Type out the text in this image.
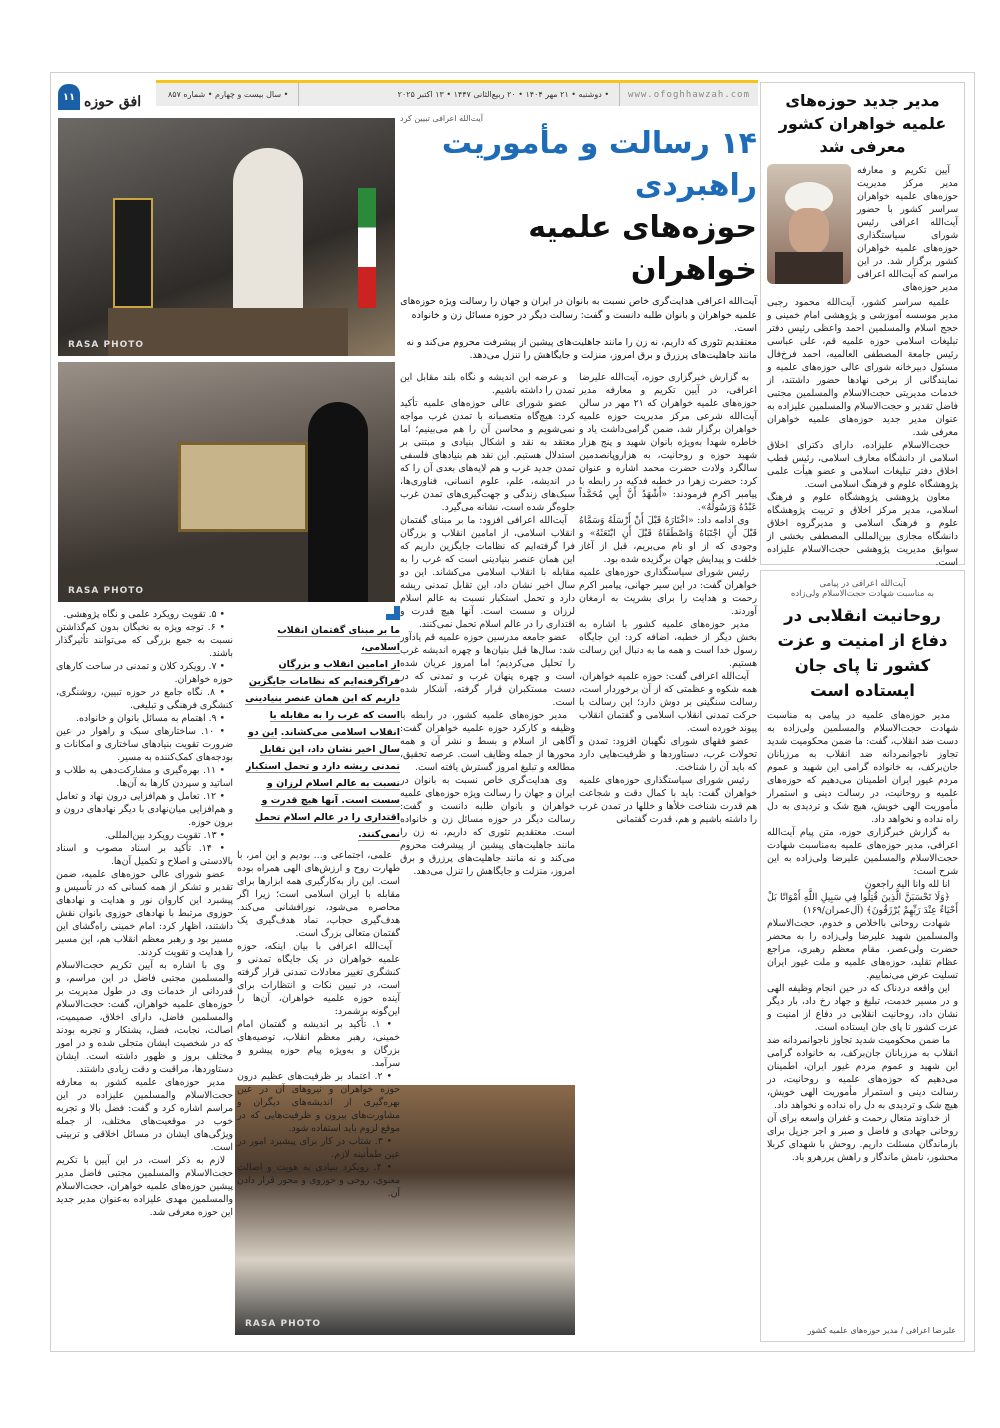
www.ofoghhawzah.com
• دوشنبه • ۲۱ مهر ۱۴۰۴ • ۲۰ ربیع‌الثانی ۱۴۴۷ • ۱۳ اکتبر ۲۰۲۵
• سال بیست و چهارم • شماره ۸۵۷
۱۱ افق حوزه
RASA PHOTO
RASA PHOTO
RASA PHOTO
آیت‌الله اعرافی تبیین کرد
۱۴ رسالت و مأموریت راهبردی
حوزه‌های علمیه خواهران

آیت‌الله اعرافی هدایت‌گری خاص نسبت به بانوان در ایران و جهان را رسالت ویژه حوزه‌های علمیه خواهران و بانوان طلبه دانست و گفت: رسالت دیگر در حوزه مسائل زن و خانواده است.

معتقدیم تئوری که داریم، نه زن را مانند جاهلیت‌های پیشین از پیشرفت محروم می‌کند و نه مانند جاهلیت‌های پرزرق و برق امروز، منزلت و جایگاهش را تنزل می‌دهد.

به گزارش خبرگزاری حوزه، آیت‌الله علیرضا اعرافی، در آیین تکریم و معارفه مدیر حوزه‌های علمیه خواهران که ۲۱ مهر در سالن آیت‌الله شرعی مرکز مدیریت حوزه علمیه خواهران برگزار شد، ضمن گرامی‌داشت یاد و خاطره شهدا به‌ویژه بانوان شهید و پنج هزار شهید حوزه و روحانیت، به هزاروپانصدمین سالگرد ولادت حضرت محمد اشاره و عنوان کرد: حضرت زهرا در خطبه فدکیه در رابطه با پیامبر اکرم فرمودند: «أَشْهَدُ أَنَّ أَبِي مُحَمَّداً عَبْدُهُ وَرَسُولُهُ».

وی ادامه داد: «اخْتَارَهُ قَبْلَ أَنْ أَرْسَلَهُ وَسَمَّاهُ قَبْلَ أَنِ اجْتَبَاهُ وَاصْطَفَاهُ قَبْلَ أَنِ ابْتَعَثَهُ» و وجودی که از او نام می‌بریم، قبل از آغاز خلقت و پیدایش جهان برگزیده شده بود.

رئیس شورای سیاستگذاری حوزه‌های علمیه خواهران گفت: در این سیر جهانی، پیامبر اکرم رحمت و هدایت را برای بشریت به ارمغان آوردند.

مدیر حوزه‌های علمیه کشور با اشاره به بخش دیگر از خطبه، اضافه کرد: این جایگاه رسول خدا است و همه ما به دنبال این رسالت هستیم.

آیت‌الله اعرافی گفت: حوزه علمیه خواهران، همه شکوه و عظمتی که از آن برخوردار است، رسالت سنگینی بر دوش دارد؛ این رسالت با حرکت تمدنی انقلاب اسلامی و گفتمان انقلاب پیوند خورده است.

عضو فقهای شورای نگهبان افزود: تمدن و تحولات غرب، دستاوردها و ظرفیت‌هایی دارد که باید آن را شناخت.

رئیس شورای سیاستگذاری حوزه‌های علمیه خواهران گفت: باید با کمال دقت و شجاعت هم قدرت شناخت خلأها و خللها در تمدن غرب را داشته باشیم و هم، قدرت گفتمانی

و عرضه این اندیشه و نگاه بلند مقابل این تمدن را داشته باشیم.

عضو شورای عالی حوزه‌های علمیه تأکید کرد: هیچ‌گاه متعصبانه با تمدن غرب مواجه نمی‌شویم و محاسن آن را هم می‌بینیم؛ اما معتقد به نقد و اشکال بنیادی و مبتنی بر استدلال هستیم. این نقد هم بنیادهای فلسفی تمدن جدید غرب و هم لایه‌های بعدی آن را که در اندیشه، علم، علوم انسانی، فناوری‌ها، سبک‌های زندگی و جهت‌گیری‌های تمدن غرب جلوه‌گر شده است، نشانه می‌گیرد.

آیت‌الله اعرافی افزود: ما بر مبنای گفتمان انقلاب اسلامی، از امامین انقلاب و بزرگان فرا گرفته‌ایم که نظامات جایگزین داریم که این همان عنصر بنیادینی است که غرب را به مقابله با انقلاب اسلامی می‌کشاند. این دو سال اخیر نشان داد، این تقابل تمدنی ریشه دارد و تحمل استکبار نسبت به عالم اسلام لرزان و سست است. آنها هیچ قدرت و اقتداری را در عالم اسلام تحمل نمی‌کنند.

عضو جامعه مدرسین حوزه علمیه قم یادآور شد: سال‌ها قبل بنیان‌ها و چهره اندیشه غرب را تحلیل می‌کردیم؛ اما امروز عریان شده است و چهره پنهان غرب و تمدنی که در دست مستکبران قرار گرفته، آشکار شده است.

مدیر حوزه‌های علمیه کشور، در رابطه با وظیفه و کارکرد حوزه علمیه خواهران گفت: آگاهی از اسلام و بسط و نشر آن و همه محورها از جمله وظایف است. عرصه تحقیق، مطالعه و تبلیغ امروز گسترش یافته است.

وی هدایت‌گری خاص نسبت به بانوان در ایران و جهان را رسالت ویژه حوزه‌های علمیه خواهران و بانوان طلبه دانست و گفت: رسالت دیگر در حوزه مسائل زن و خانواده است. معتقدیم تئوری که داریم، نه زن را مانند جاهلیت‌های پیشین از پیشرفت محروم می‌کند و نه مانند جاهلیت‌های پرزرق و برق امروز، منزلت و جایگاهش را تنزل می‌دهد.

ما بر مبنای گفتمان انقلاب اسلامی،
از امامین انقلاب و بزرگان فراگرفته‌ایم که نظامات جایگزین داریم که این همان عنصر بنیادینی است که غرب را به مقابله با انقلاب اسلامی می‌کشاند. این دو سال اخیر نشان داد، این تقابل تمدنی ریشه دارد و تحمل استکبار نسبت به عالم اسلام لرزان و سست است. آنها هیچ قدرت و اقتداری را در عالم اسلام تحمل نمی‌کنند.

علمی، اجتماعی و... بودیم و این امر، با طهارت روح و ارزش‌های الهی همراه بوده است. این راز به‌کارگیری همه ابزارها برای مقابله با ایران اسلامی است؛ زیرا اگر محاصره می‌شود، نورافشانی می‌کند. هدف‌گیری حجاب، نماد هدف‌گیری یک گفتمان متعالی بزرگ است.

آیت‌الله اعرافی با بیان اینکه، حوزه علمیه خواهران در یک جایگاه تمدنی و کنشگری تغییر معادلات تمدنی قرار گرفته است، در تبیین نکات و انتظارات برای آینده حوزه علمیه خواهران، آن‌ها را این‌گونه برشمرد:

• ۱. تأکید بر اندیشه و گفتمان امام خمینی، رهبر معظم انقلاب، توصیه‌های بزرگان و به‌ویژه پیام حوزه پیشرو و سرآمد.

• ۲. اعتماد بر ظرفیت‌های عظیم درون حوزه خواهران و نیروهای آن در عین بهره‌گیری از اندیشه‌های دیگران و مشاورت‌های بیرون و ظرفیت‌هایی که در موقع لزوم باید استفاده شود.

• ۳. شتاب در کار برای پیشبرد امور در عین طمأنینه لازم.

• ۴. رویکرد بنیادی به هویت و اصالت معنوی، روحی و حوزوی و محور قرار دادن آن.

• ۵. تقویت رویکرد علمی و نگاه پژوهشی.

• ۶. توجه ویژه به نخبگان بدون کم‌گذاشتن نسبت به جمع بزرگی که می‌توانند تأثیرگذار باشند.

• ۷. رویکرد کلان و تمدنی در ساحت کارهای حوزه خواهران.

• ۸. نگاه جامع در حوزه تبیین، روشنگری، کنشگری فرهنگی و تبلیغی.

• ۹. اهتمام به مسائل بانوان و خانواده.

• ۱۰. ساختارهای سبک و راهوار در عین ضرورت تقویت بنیادهای ساختاری و امکانات و بودجه‌های کمک‌کننده به مسیر.

• ۱۱. بهره‌گیری و مشارکت‌دهی به طلاب و اساتید و سپردن کارها به آن‌ها.

• ۱۲. تعامل و هم‌افزایی درون نهاد و تعامل و هم‌افزایی میان‌نهادی با دیگر نهادهای درون و برون حوزه.

• ۱۳. تقویت رویکرد بین‌المللی.

• ۱۴. تأکید بر اسناد مصوب و اسناد بالادستی و اصلاح و تکمیل آن‌ها.

عضو شورای عالی حوزه‌های علمیه، ضمن تقدیر و تشکر از همه کسانی که در تأسیس و پیشبرد این کاروان نور و هدایت و نهادهای حوزوی مرتبط با نهادهای حوزوی بانوان نقش داشتند، اظهار کرد: امام خمینی راه‌گشای این مسیر بود و رهبر معظم انقلاب هم، این مسیر را هدایت و تقویت کردند.

وی با اشاره به آیین تکریم حجت‌الاسلام والمسلمین مجتبی فاضل در این مراسم، و قدردانی از خدمات وی در طول مدیریت بر حوزه‌های علمیه خواهران، گفت: حجت‌الاسلام والمسلمین فاضل، دارای اخلاق، صمیمیت، اصالت، نجابت، فضل، پشتکار و تجربه بودند که در شخصیت ایشان متجلی شده و در امور مختلف بروز و ظهور داشته است. ایشان دستاوردها، مراقبت و دقت زیادی داشتند.

مدیر حوزه‌های علمیه کشور به معارفه حجت‌الاسلام والمسلمین علیزاده در این مراسم اشاره کرد و گفت: فضل بالا و تجربه خوب در موقعیت‌های مختلف، از جمله ویژگی‌های ایشان در مسائل اخلاقی و تربیتی است.

لازم به ذکر است، در این آیین با تکریم حجت‌الاسلام والمسلمین مجتبی فاضل مدیر پیشین حوزه‌های علمیه خواهران، حجت‌الاسلام والمسلمین مهدی علیزاده به‌عنوان مدیر جدید این حوزه معرفی شد.

مدیر جدید حوزه‌های علمیه خواهران کشور معرفی شد

آیین تکریم و معارفه مدیر مرکز مدیریت حوزه‌های علمیه خواهران سراسر کشور با حضور آیت‌الله اعرافی رئیس شورای سیاستگذاری حوزه‌های علمیه خواهران کشور برگزار شد. در این مراسم که آیت‌الله اعرافی مدیر حوزه‌های

علمیه سراسر کشور، آیت‌الله محمود رجبی مدیر موسسه آموزشی و پژوهشی امام خمینی و حجج اسلام والمسلمین احمد واعظی رئیس دفتر تبلیغات اسلامی حوزه علمیه قم، علی عباسی رئیس جامعة المصطفی العالمیه، احمد فرخ‌فال مسئول دبیرخانه شورای عالی حوزه‌های علمیه و نمایندگانی از برخی نهادها حضور داشتند، از خدمات مدیریتی حجت‌الاسلام والمسلمین مجتبی فاضل تقدیر و حجت‌الاسلام والمسلمین علیزاده به عنوان مدیر جدید حوزه‌های علمیه خواهران معرفی شد.

حجت‌الاسلام علیزاده، دارای دکترای اخلاق اسلامی از دانشگاه معارف اسلامی، رئیس قطب اخلاق دفتر تبلیغات اسلامی و عضو هیأت علمی پژوهشگاه علوم و فرهنگ اسلامی است.

معاون پژوهشی پژوهشگاه علوم و فرهنگ اسلامی، مدیر مرکز اخلاق و تربیت پژوهشگاه علوم و فرهنگ اسلامی و مدیرگروه اخلاق دانشگاه مجازی بین‌المللی المصطفی بخشی از سوابق مدیریت پژوهشی حجت‌الاسلام علیزاده است.

آیت‌الله اعرافی در پیامی
به مناسبت شهادت حجت‌الاسلام ولی‌زاده
روحانیت انقلابی در دفاع از امنیت و عزت کشور تا پای جان ایستاده است

مدیر حوزه‌های علمیه در پیامی به مناسبت شهادت حجت‌الاسلام والمسلمین ولی‌زاده به دست ضد انقلاب، گفت: ما ضمن محکومیت شدید تجاوز ناجوانمردانه ضد انقلاب به مرزبانان جان‌برکف، به خانواده گرامی این شهید و عموم مردم غیور ایران اطمینان می‌دهیم که حوزه‌های علمیه و روحانیت، در رسالت دینی و استمرار مأموریت الهی خویش، هیچ شک و تردیدی به دل راه نداده و نخواهد داد.

به گزارش خبرگزاری حوزه، متن پیام آیت‌الله اعرافی، مدیر حوزه‌های علمیه به‌مناسبت شهادت حجت‌الاسلام والمسلمین علیرضا ولی‌زاده به این شرح است:

انا لله وانا الیه راجعون

﴿وَلَا تَحْسَبَنَّ الَّذِينَ قُتِلُوا فِي سَبِيلِ اللَّهِ أَمْوَاتًا بَلْ أَحْيَاءٌ عِنْدَ رَبِّهِمْ يُرْزَقُونَ﴾ (آل‌عمران/۱۶۹)

شهادت روحانی بااخلاص و خدوم، حجت‌الاسلام والمسلمین شهید علیرضا ولی‌زاده را به محضر حضرت ولی‌عصر، مقام معظم رهبری، مراجع عظام تقلید، حوزه‌های علمیه و ملت غیور ایران تسلیت عرض می‌نماییم.

این واقعه دردناک که در حین انجام وظیفه الهی و در مسیر خدمت، تبلیغ و جهاد رخ داد، بار دیگر نشان داد، روحانیت انقلابی در دفاع از امنیت و عزت کشور تا پای جان ایستاده است.

ما ضمن محکومیت شدید تجاوز ناجوانمردانه ضد انقلاب به مرزبانان جان‌برکف، به خانواده گرامی این شهید و عموم مردم غیور ایران، اطمینان می‌دهیم که حوزه‌های علمیه و روحانیت، در رسالت دینی و استمرار مأموریت الهی خویش، هیچ شک و تردیدی به دل راه نداده و نخواهد داد.

از خداوند متعال رحمت و غفران واسعه برای آن روحانی جهادی و فاضل و صبر و اجر جزیل برای بازماندگان مسئلت داریم. روحش با شهدای کربلا محشور، نامش ماندگار و راهش پررهرو باد.

علیرضا اعرافی / مدیر حوزه‌های علمیه کشور
